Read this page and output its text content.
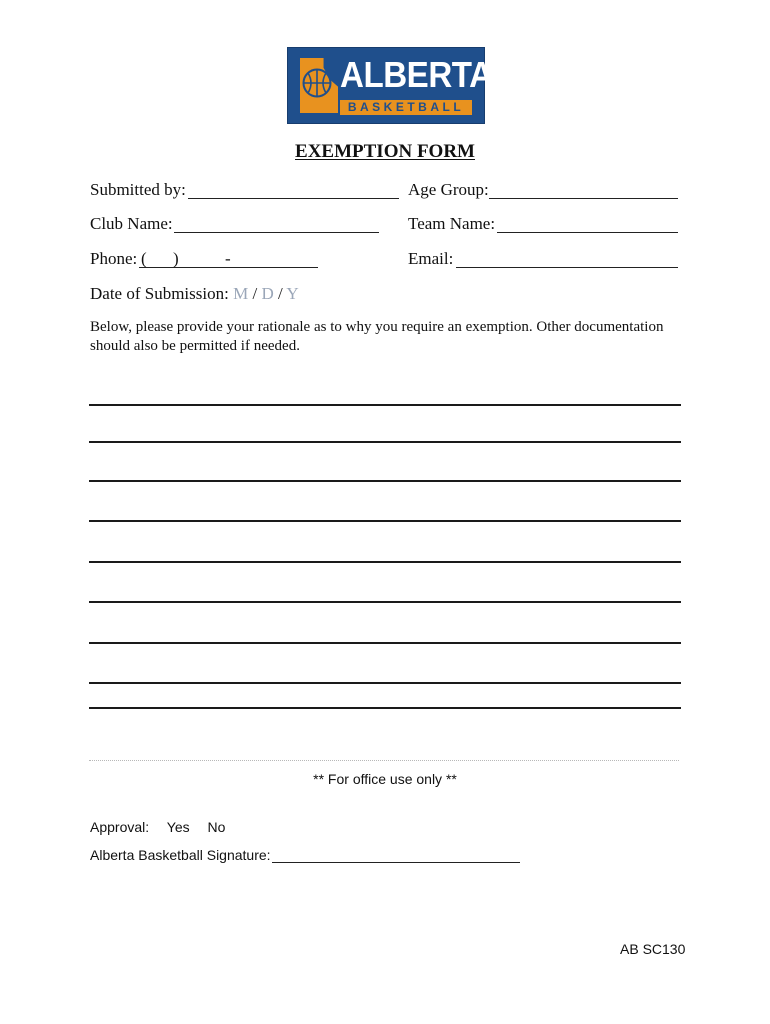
ALBERTA
BASKETBALL
EXEMPTION FORM
Submitted by:	Age Group:
Club Name:	Team Name:
Phone: ( )	-	Email:
Date of Submission: M / D / Y
Below, please provide your rationale as to why you require an exemption. Other documentation should also be permitted if needed.
** For office use only **
Approval: Yes No
Alberta Basketball Signature:
AB SC130
